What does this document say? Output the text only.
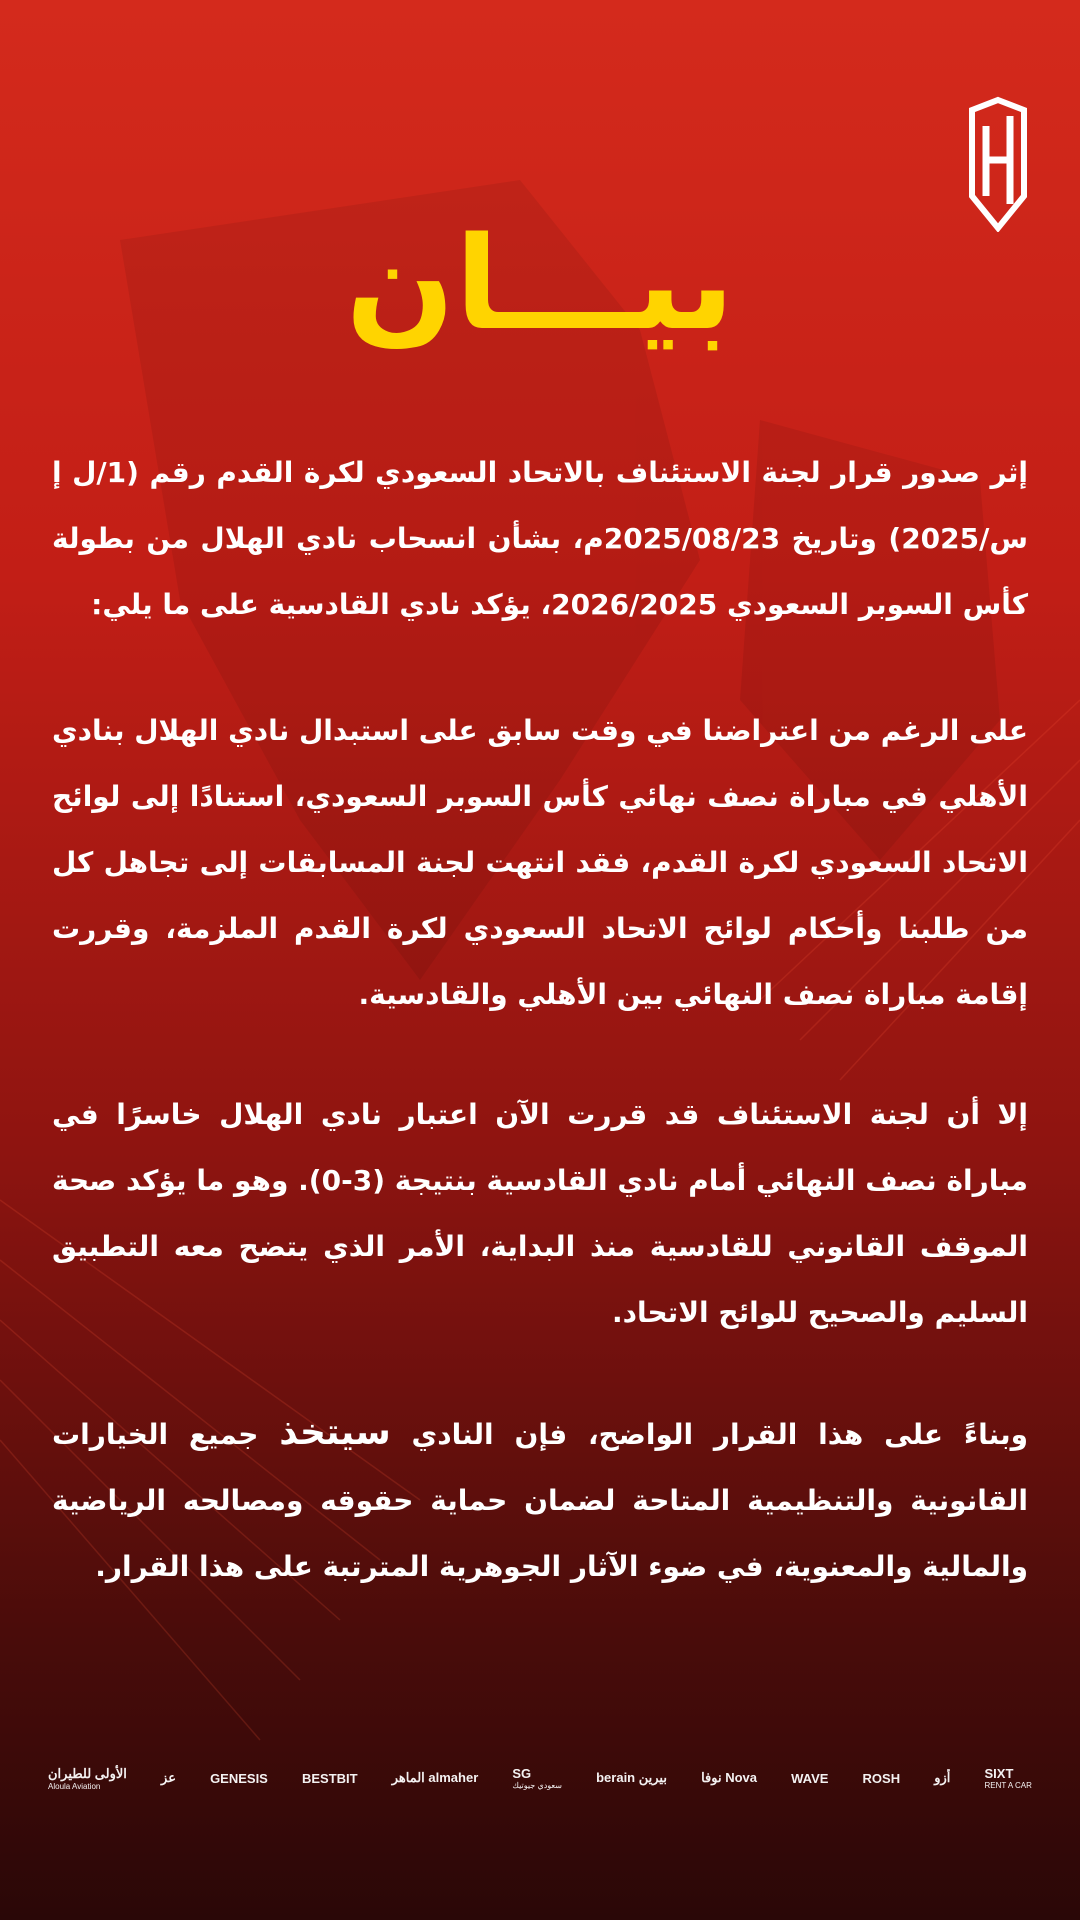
بيـــان

إثر صدور قرار لجنة الاستئناف بالاتحاد السعودي لكرة القدم رقم (1/ل إ س/2025) وتاريخ 2025/08/23م، بشأن انسحاب نادي الهلال من بطولة كأس السوبر السعودي 2026/2025، يؤكد نادي القادسية على ما يلي:

على الرغم من اعتراضنا في وقت سابق على استبدال نادي الهلال بنادي الأهلي في مباراة نصف نهائي كأس السوبر السعودي، استنادًا إلى لوائح الاتحاد السعودي لكرة القدم، فقد انتهت لجنة المسابقات إلى تجاهل كل من طلبنا وأحكام لوائح الاتحاد السعودي لكرة القدم الملزمة، وقررت إقامة مباراة نصف النهائي بين الأهلي والقادسية.

إلا أن لجنة الاستئناف قد قررت الآن اعتبار نادي الهلال خاسرًا في مباراة نصف النهائي أمام نادي القادسية بنتيجة (3-0). وهو ما يؤكد صحة الموقف القانوني للقادسية منذ البداية، الأمر الذي يتضح معه التطبيق السليم والصحيح للوائح الاتحاد.

وبناءً على هذا القرار الواضح، فإن النادي سيتخذ جميع الخيارات القانونية والتنظيمية المتاحة لضمان حماية حقوقه ومصالحه الرياضية والمالية والمعنوية، في ضوء الآثار الجوهرية المترتبة على هذا القرار.

SIXT
RENT A CAR
أزو
ROSH
WAVE
نوفا Nova
berain بيرين
SG
سعودي جيوتيك
الماهر almaher
BESTBIT
GENESIS
عز
الأولى للطيران
Aloula Aviation
